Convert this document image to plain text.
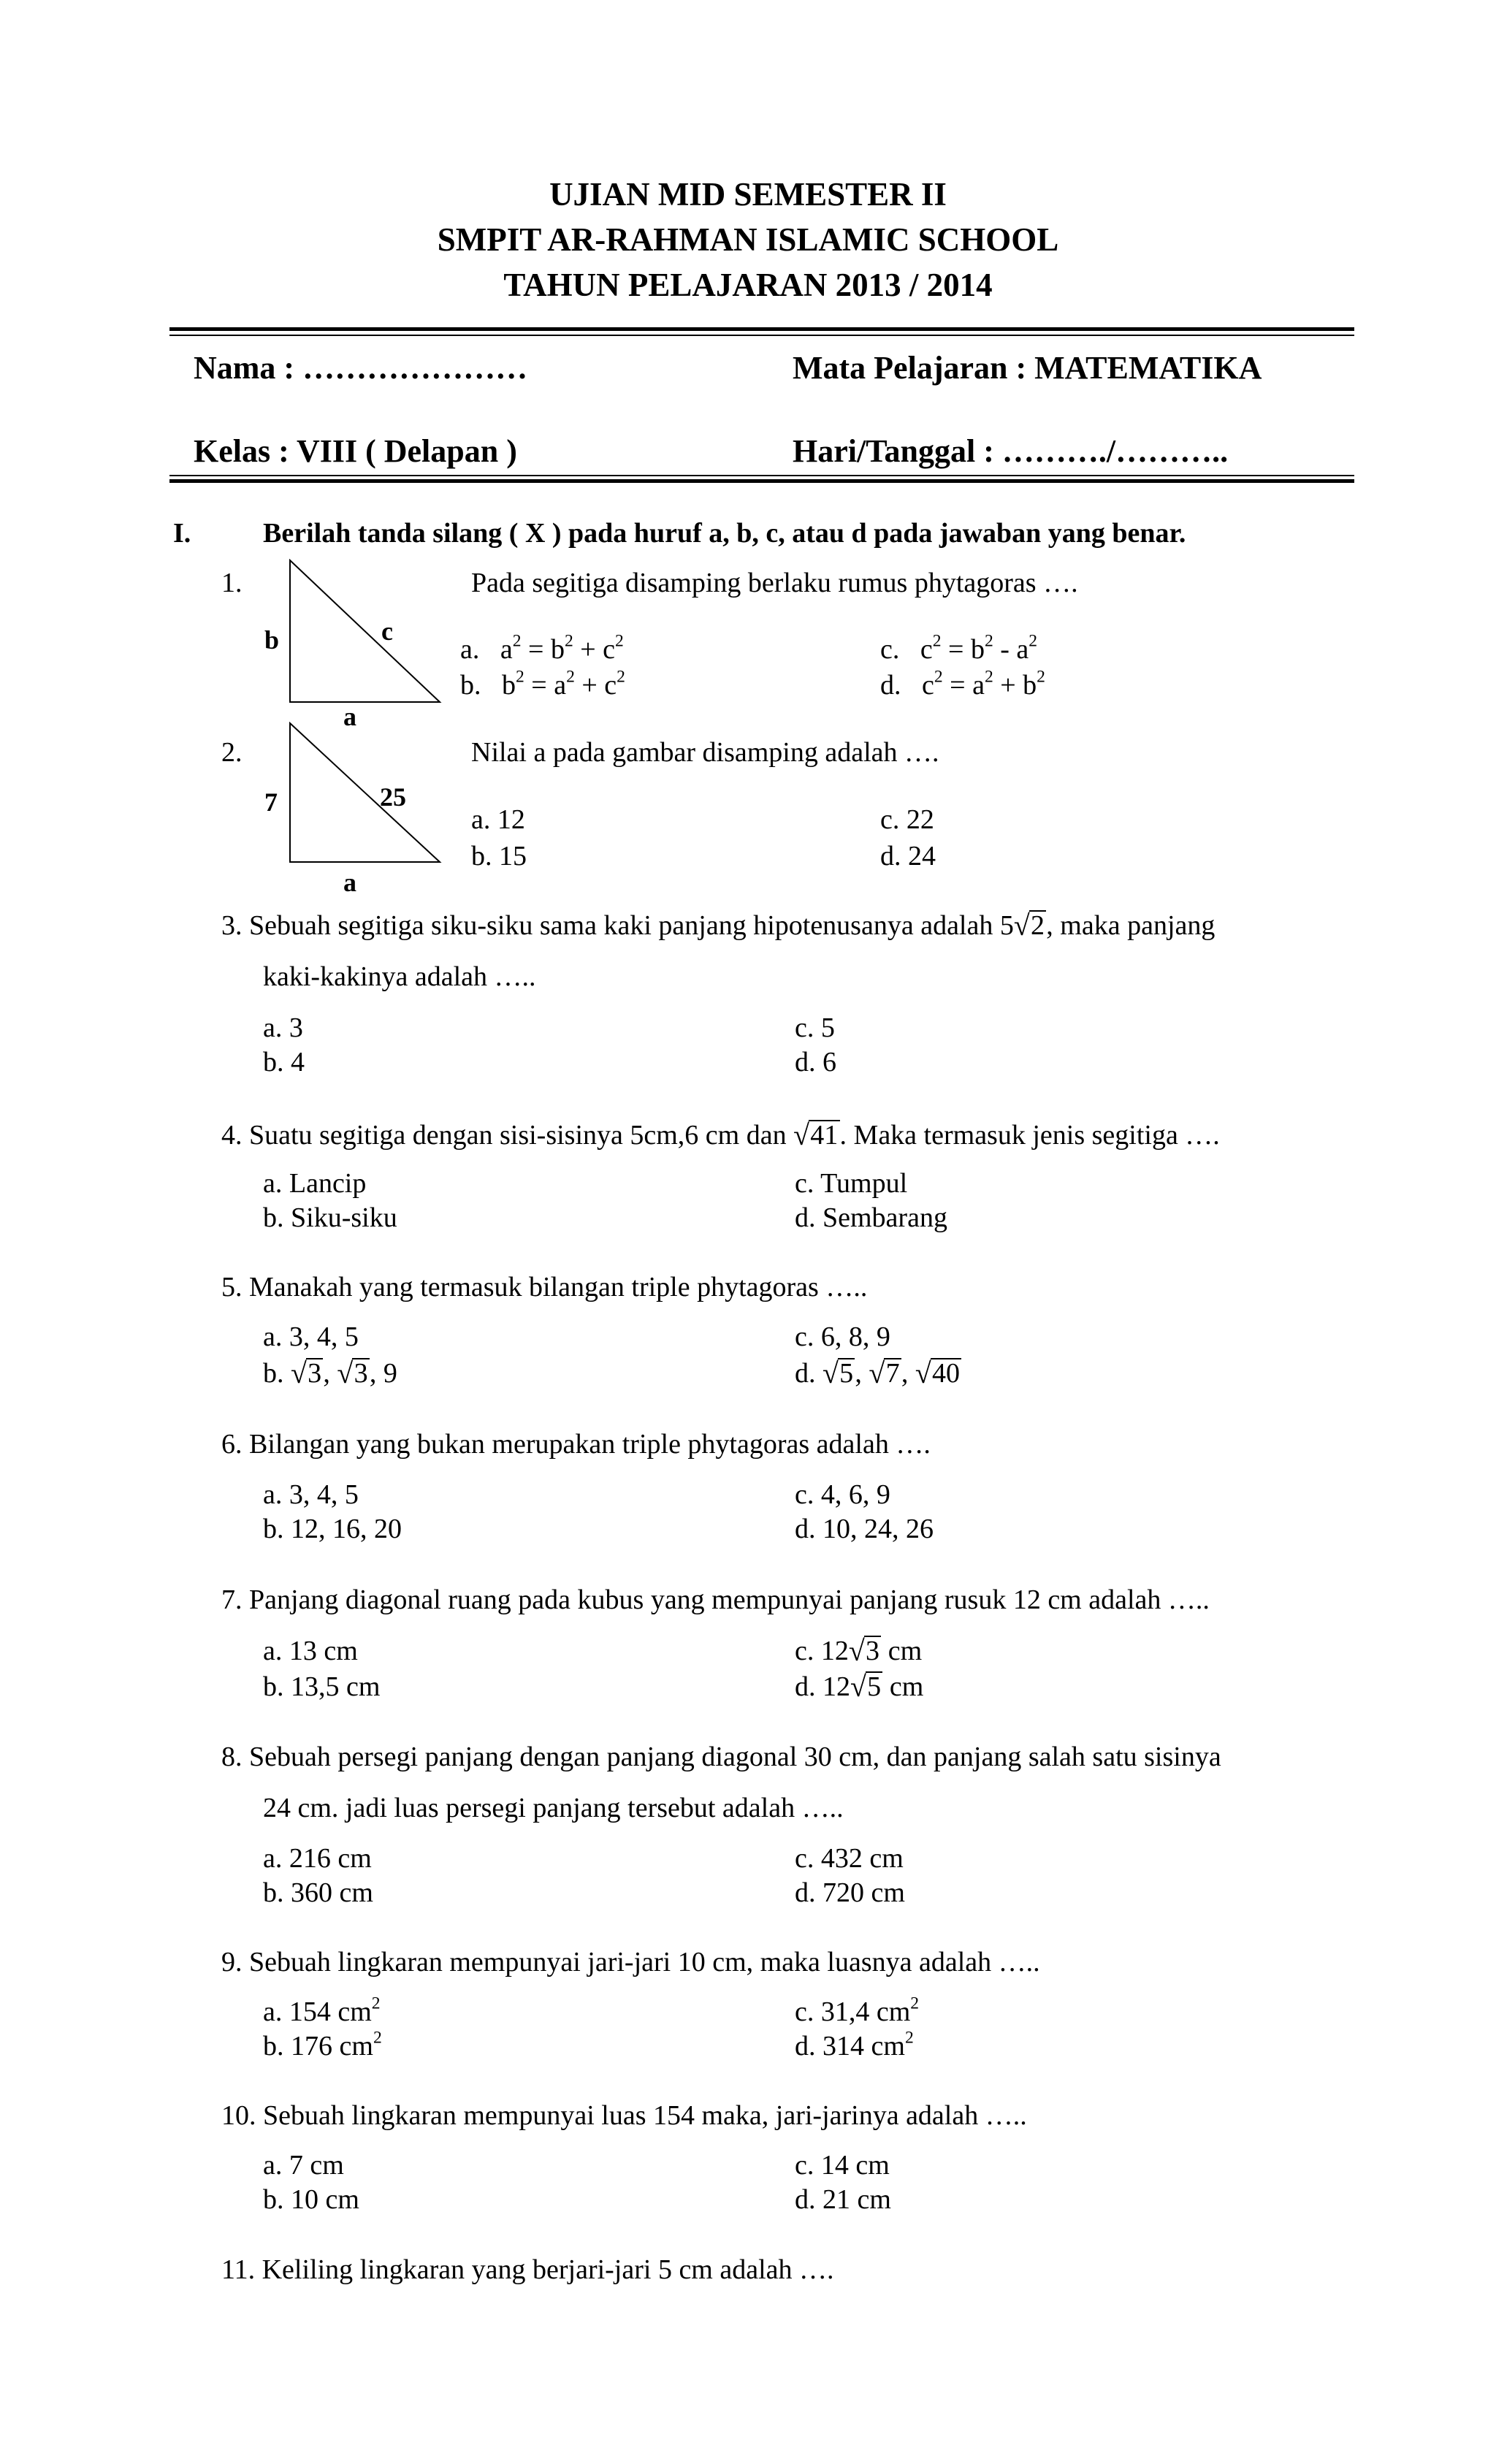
UJIAN MID SEMESTER II
SMPIT AR-RAHMAN ISLAMIC SCHOOL
TAHUN PELAJARAN 2013 / 2014
Nama : …………………	Mata Pelajaran : MATEMATIKA
Kelas : VIII ( Delapan )	Hari/Tanggal : ………./………..
I.	Berilah tanda silang ( X ) pada huruf a, b, c, atau d pada jawaban yang benar.
1.
b	c
a
Pada segitiga disamping berlaku rumus phytagoras ….
a.   $a^2 = b^2 + c^2$
b.   $b^2 = a^2 + c^2$
c.   $c^2 = b^2 - a^2$
d.   $c^2 = a^2 + b^2$
2.
7	25
a
Nilai a pada gambar disamping adalah ….
a. 12
b. 15
c. 22
d. 24
3. Sebuah segitiga siku-siku sama kaki panjang hipotenusanya adalah 5 √ 2, maka panjang
kaki-kakinya adalah …..
a. 3
b. 4
c. 5
d. 6
4. Suatu segitiga dengan sisi-sisinya 5cm,6 cm dan √ 41. Maka termasuk jenis segitiga ….
a. Lancip
b. Siku-siku
c. Tumpul
d. Sembarang
5. Manakah yang termasuk bilangan triple phytagoras …..
a. 3, 4, 5
b. √ 3, √ 3, 9
c. 6, 8, 9
d. √ 5, √ 7, √ 40
6. Bilangan yang bukan merupakan triple phytagoras adalah ….
a. 3, 4, 5
b. 12, 16, 20
c. 4, 6, 9
d. 10, 24, 26
7. Panjang diagonal ruang pada kubus yang mempunyai panjang rusuk 12 cm adalah …..
a. 13 cm
b. 13,5 cm
c. 12 √ 3 cm
d. 12 √ 5 cm
8. Sebuah persegi panjang dengan panjang diagonal 30 cm, dan panjang salah satu sisinya
24 cm. jadi luas persegi panjang tersebut adalah …..
a. 216 cm
b. 360 cm
c. 432 cm
d. 720 cm
9. Sebuah lingkaran mempunyai jari-jari 10 cm, maka luasnya adalah …..
a. 154 $cm^2$
b. 176 $cm^2$
c. 31,4 $cm^2$
d. 314 $cm^2$
10. Sebuah lingkaran mempunyai luas 154 maka, jari-jarinya adalah …..
a. 7 cm
b. 10 cm
c. 14 cm
d. 21 cm
11. Keliling lingkaran yang berjari-jari 5 cm adalah ….
